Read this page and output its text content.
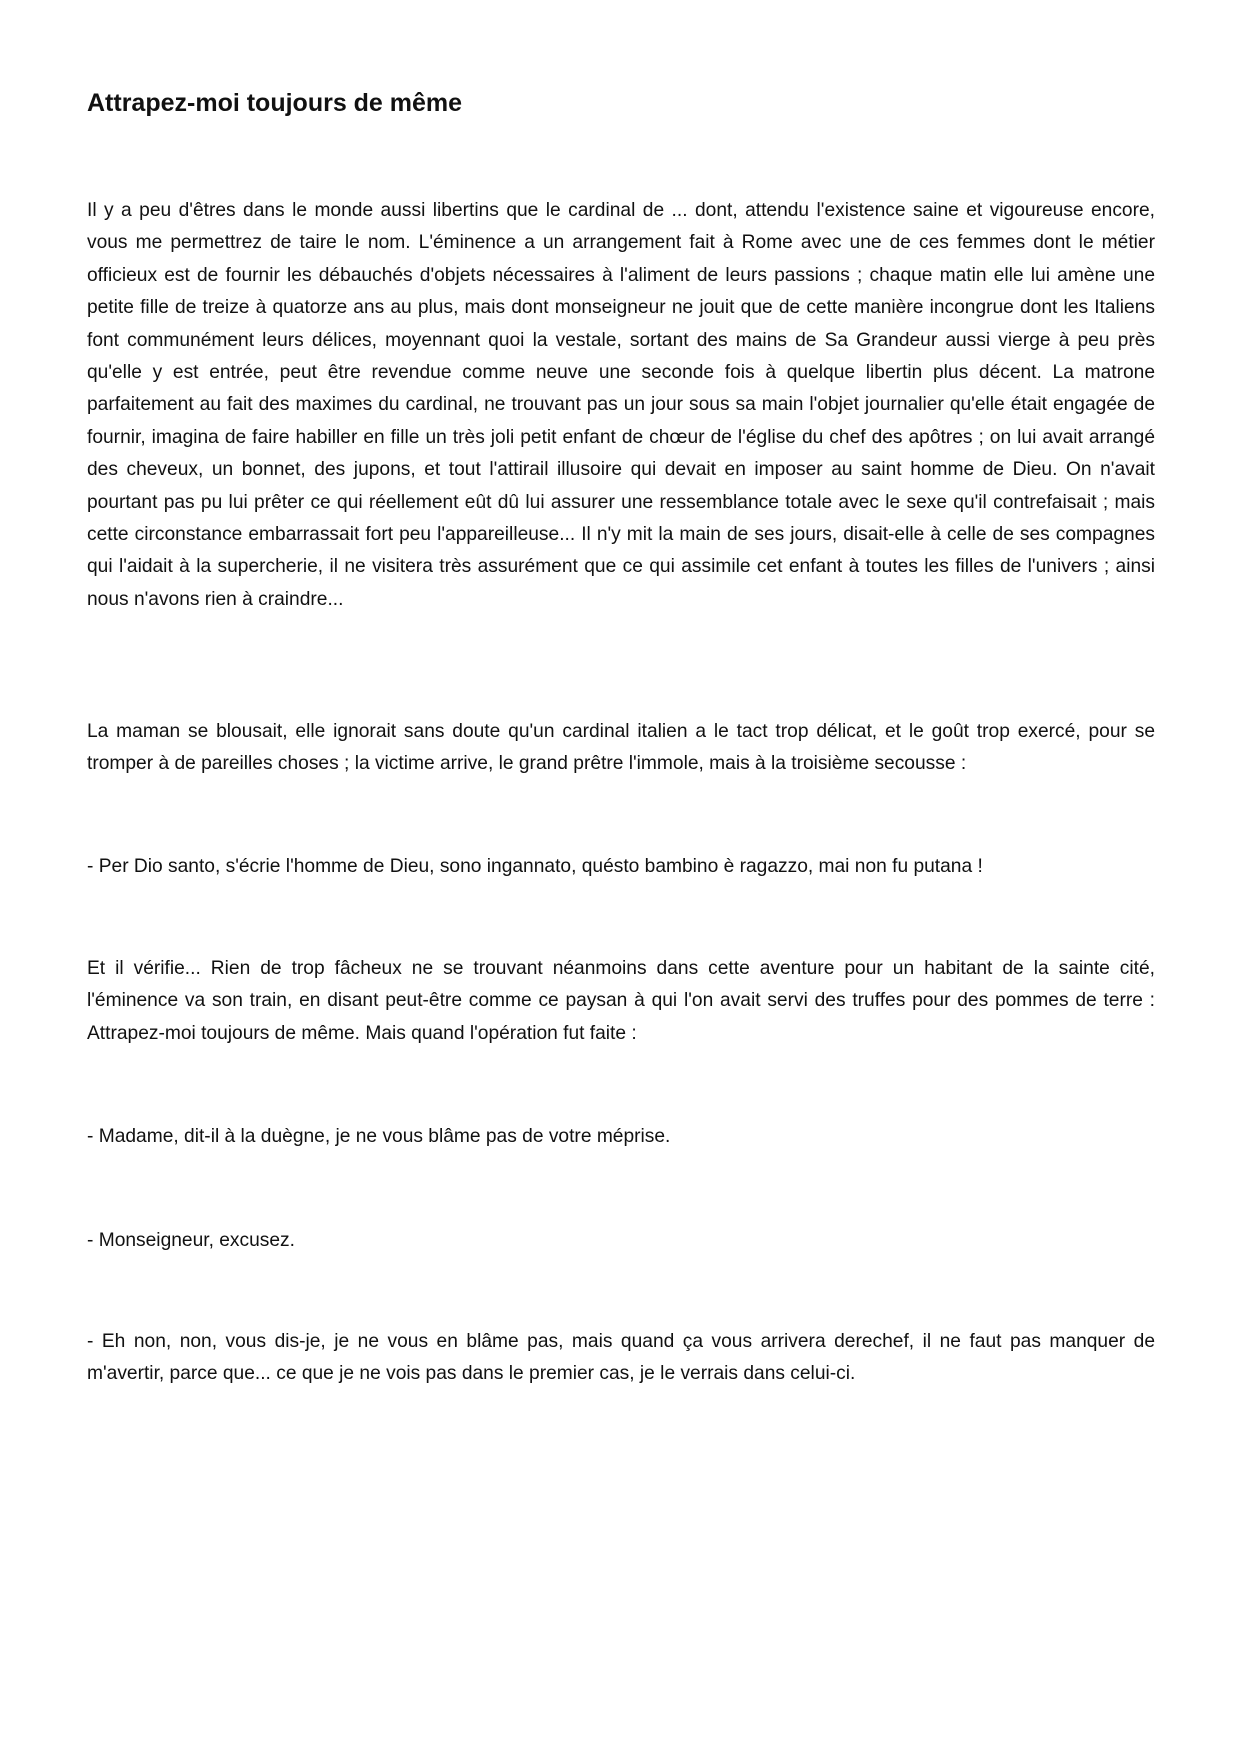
Attrapez-moi toujours de même

Il y a peu d'êtres dans le monde aussi libertins que le cardinal de ... dont, attendu l'existence saine et vigoureuse encore, vous me permettrez de taire le nom. L'éminence a un arrangement fait à Rome avec une de ces femmes dont le métier officieux est de fournir les débauchés d'objets nécessaires à l'aliment de leurs passions ; chaque matin elle lui amène une petite fille de treize à quatorze ans au plus, mais dont monseigneur ne jouit que de cette manière incongrue dont les Italiens font communément leurs délices, moyennant quoi la vestale, sortant des mains de Sa Grandeur aussi vierge à peu près qu'elle y est entrée, peut être revendue comme neuve une seconde fois à quelque libertin plus décent. La matrone parfaitement au fait des maximes du cardinal, ne trouvant pas un jour sous sa main l'objet journalier qu'elle était engagée de fournir, imagina de faire habiller en fille un très joli petit enfant de chœur de l'église du chef des apôtres ; on lui avait arrangé des cheveux, un bonnet, des jupons, et tout l'attirail illusoire qui devait en imposer au saint homme de Dieu. On n'avait pourtant pas pu lui prêter ce qui réellement eût dû lui assurer une ressemblance totale avec le sexe qu'il contrefaisait ; mais cette circonstance embarrassait fort peu l'appareilleuse... Il n'y mit la main de ses jours, disait-elle à celle de ses compagnes qui l'aidait à la supercherie, il ne visitera très assurément que ce qui assimile cet enfant à toutes les filles de l'univers ; ainsi nous n'avons rien à craindre...

La maman se blousait, elle ignorait sans doute qu'un cardinal italien a le tact trop délicat, et le goût trop exercé, pour se tromper à de pareilles choses ; la victime arrive, le grand prêtre l'immole, mais à la troisième secousse :

- Per Dio santo, s'écrie l'homme de Dieu, sono ingannato, quésto bambino è ragazzo, mai non fu putana !

Et il vérifie... Rien de trop fâcheux ne se trouvant néanmoins dans cette aventure pour un habitant de la sainte cité, l'éminence va son train, en disant peut-être comme ce paysan à qui l'on avait servi des truffes pour des pommes de terre : Attrapez-moi toujours de même. Mais quand l'opération fut faite :

- Madame, dit-il à la duègne, je ne vous blâme pas de votre méprise.

- Monseigneur, excusez.

- Eh non, non, vous dis-je, je ne vous en blâme pas, mais quand ça vous arrivera derechef, il ne faut pas manquer de m'avertir, parce que... ce que je ne vois pas dans le premier cas, je le verrais dans celui-ci.
